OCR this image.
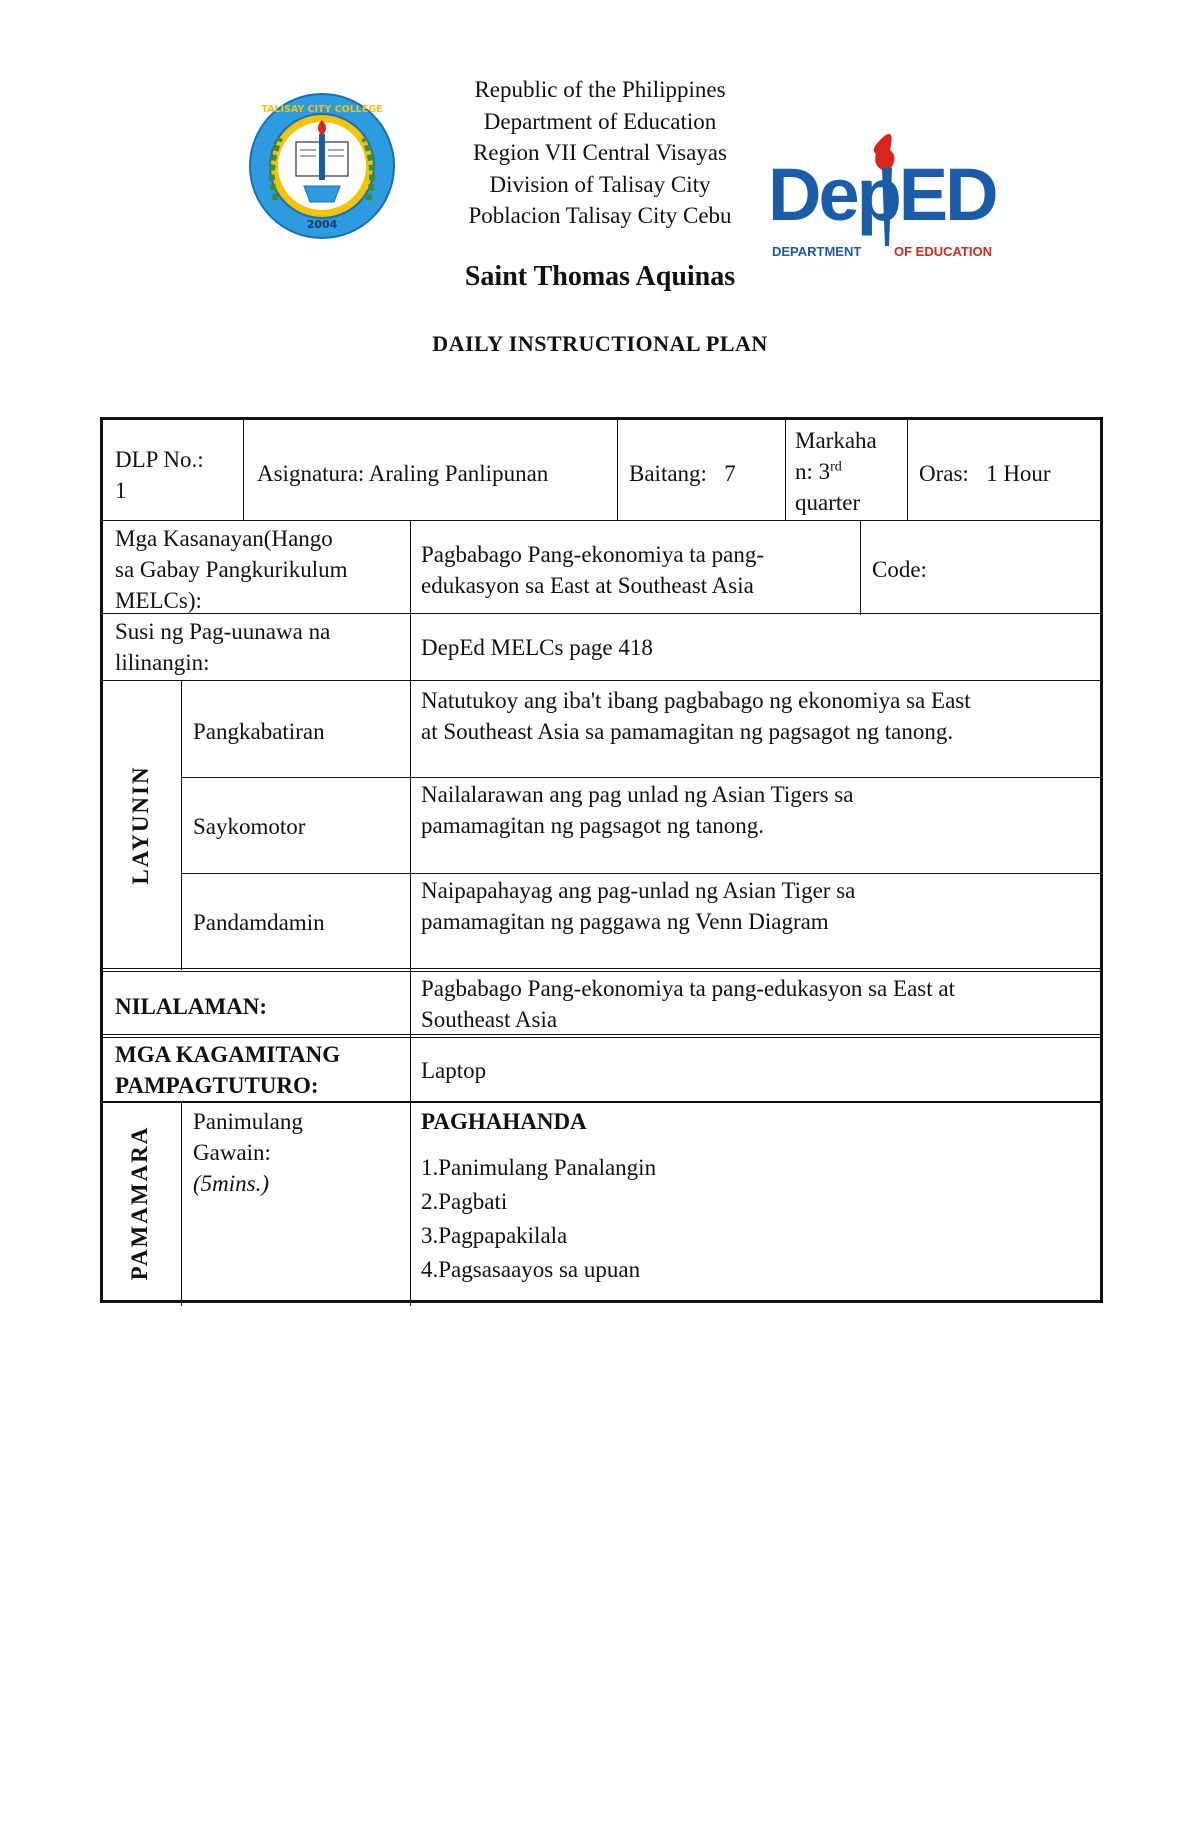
2004
TALISAY CITY COLLEGE
Republic of the Philippines
Department of Education
Region VII Central Visayas
Division of Talisay City
Poblacion Talisay City Cebu DepED
DEPARTMENT	OF EDUCATION
Saint Thomas Aquinas
DAILY INSTRUCTIONAL PLAN
DLP No.:
1
Asignatura: Araling Panlipunan	Baitang:   7
Markaha
n: 3rd
quarter
Oras:   1 Hour
Mga Kasanayan(Hango
sa Gabay Pangkurikulum
MELCs):
Pagbabago Pang-ekonomiya ta pang-
edukasyon sa East at Southeast Asia
Code:
Susi ng Pag-uunawa na
lilinangin:
DepEd MELCs page 418
LAYUNIN
Pangkabatiran
Natutukoy ang iba't ibang pagbabago ng ekonomiya sa East
at Southeast Asia sa pamamagitan ng pagsagot ng tanong.
Saykomotor
Nailalarawan ang pag unlad ng Asian Tigers sa
pamamagitan ng pagsagot ng tanong.
Pandamdamin
Naipapahayag ang pag-unlad ng Asian Tiger sa
pamamagitan ng paggawa ng Venn Diagram
NILALAMAN:
Pagbabago Pang-ekonomiya ta pang-edukasyon sa East at
Southeast Asia
MGA KAGAMITANG
PAMPAGTUTURO:
Laptop
PAMAMARA
Panimulang
Gawain:
(5mins.)
PAGHAHANDA
1.Panimulang Panalangin
2.Pagbati
3.Pagpapakilala
4.Pagsasaayos sa upuan
